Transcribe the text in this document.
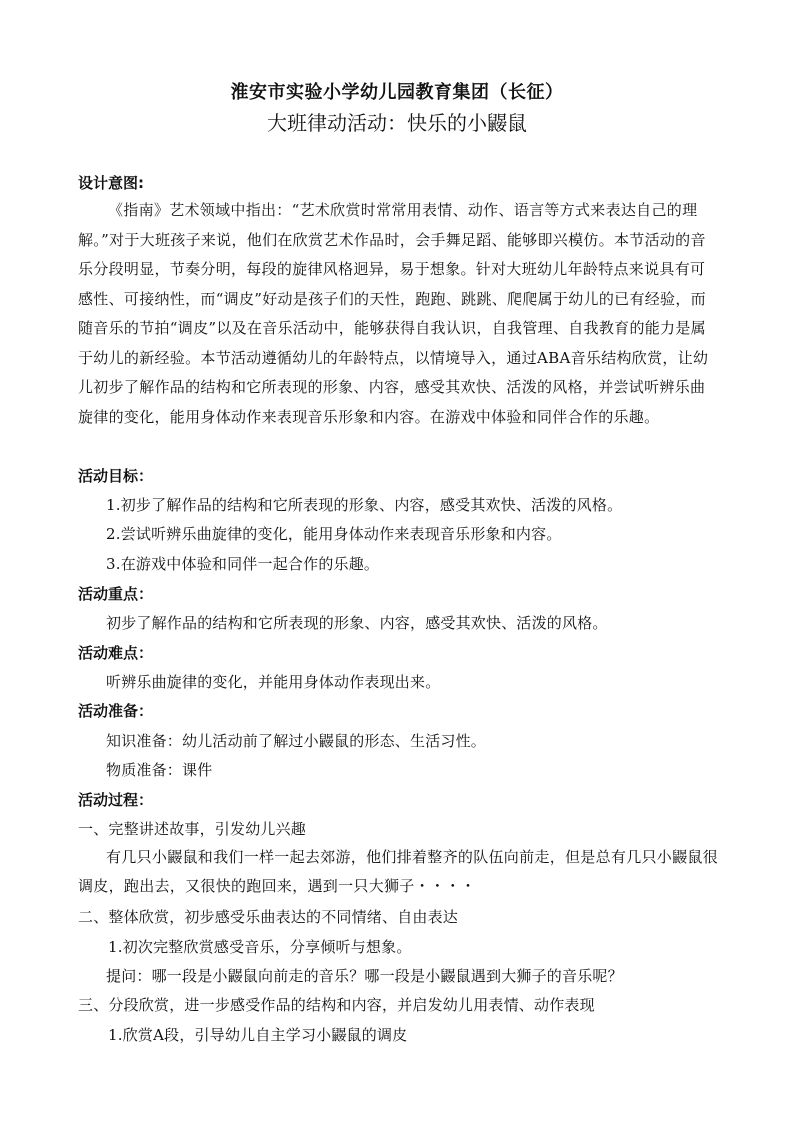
淮安市实验小学幼儿园教育集团（长征）
大班律动活动：快乐的小鼹鼠
设计意图:

《指南》艺术领域中指出：“艺术欣赏时常常用表情、动作、语言等方式来表达自己的理解。”对于大班孩子来说，他们在欣赏艺术作品时，会手舞足蹈、能够即兴模仿。本节活动的音乐分段明显，节奏分明，每段的旋律风格迥异，易于想象。针对大班幼儿年龄特点来说具有可感性、可接纳性，而“调皮”好动是孩子们的天性，跑跑、跳跳、爬爬属于幼儿的已有经验，而随音乐的节拍“调皮”以及在音乐活动中，能够获得自我认识，自我管理、自我教育的能力是属于幼儿的新经验。本节活动遵循幼儿的年龄特点，以情境导入，通过ABA音乐结构欣赏，让幼儿初步了解作品的结构和它所表现的形象、内容，感受其欢快、活泼的风格，并尝试听辨乐曲旋律的变化，能用身体动作来表现音乐形象和内容。在游戏中体验和同伴合作的乐趣。

活动目标：
1.初步了解作品的结构和它所表现的形象、内容，感受其欢快、活泼的风格。
2.尝试听辨乐曲旋律的变化，能用身体动作来表现音乐形象和内容。
3.在游戏中体验和同伴一起合作的乐趣。
活动重点：
初步了解作品的结构和它所表现的形象、内容，感受其欢快、活泼的风格。
活动难点：
听辨乐曲旋律的变化，并能用身体动作表现出来。
活动准备：
知识准备：幼儿活动前了解过小鼹鼠的形态、生活习性。
物质准备：课件
活动过程：
一、完整讲述故事，引发幼儿兴趣

有几只小鼹鼠和我们一样一起去郊游，他们排着整齐的队伍向前走，但是总有几只小鼹鼠很调皮，跑出去，又很快的跑回来，遇到一只大狮子・・・・

二、整体欣赏，初步感受乐曲表达的不同情绪、自由表达
1.初次完整欣赏感受音乐，分享倾听与想象。
提问：哪一段是小鼹鼠向前走的音乐？哪一段是小鼹鼠遇到大狮子的音乐呢？
三、分段欣赏，进一步感受作品的结构和内容，并启发幼儿用表情、动作表现
1.欣赏A段，引导幼儿自主学习小鼹鼠的调皮
